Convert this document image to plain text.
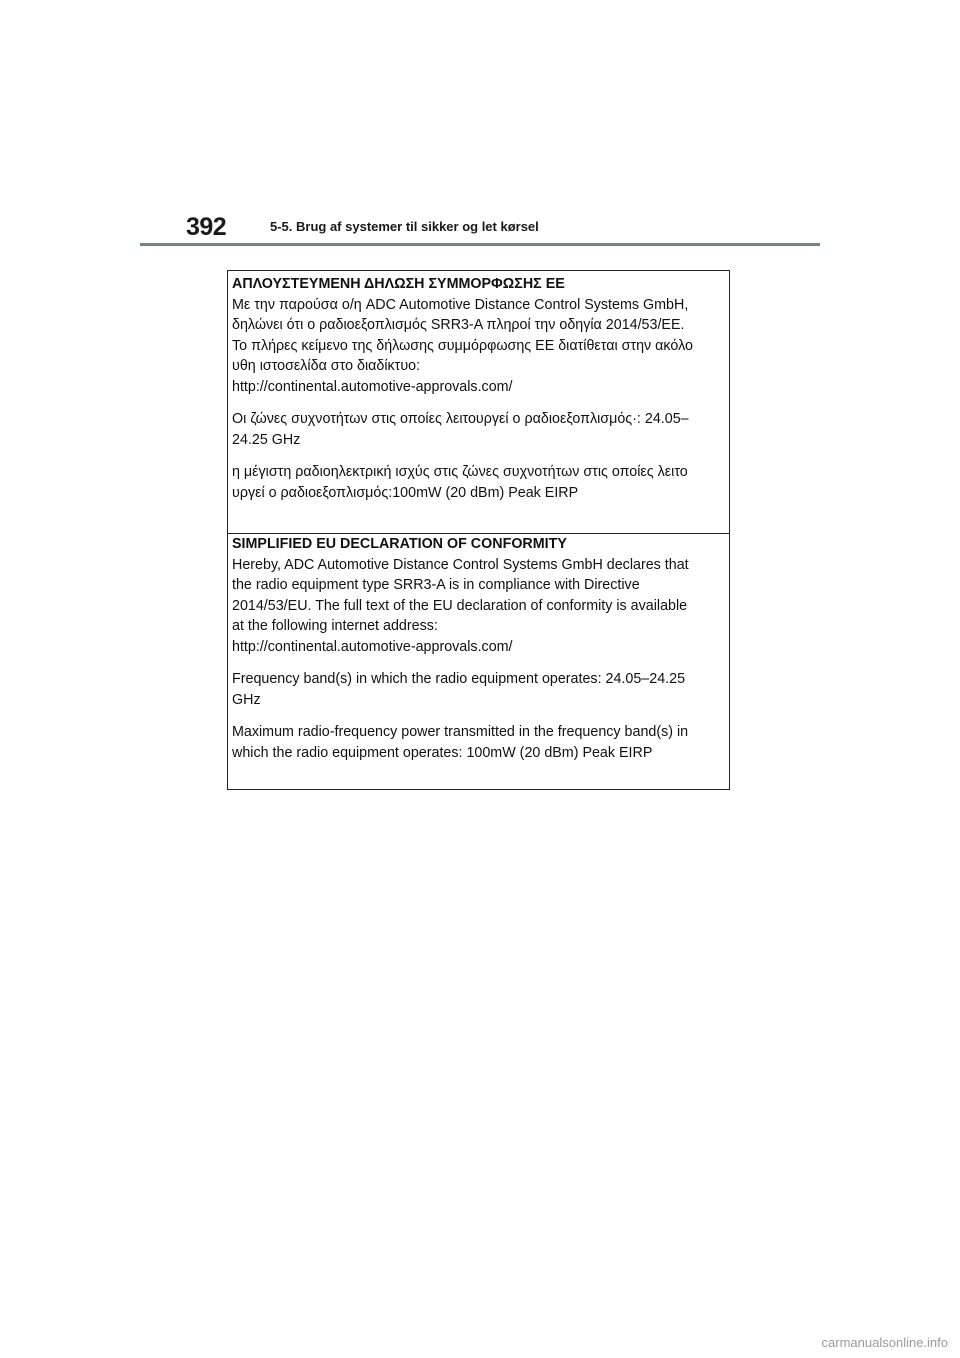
392	5-5. Brug af systemer til sikker og let kørsel
ΑΠΛΟΥΣΤΕΥΜΕΝΗ ΔΗΛΩΣΗ ΣΥΜΜΟΡΦΩΣΗΣ ΕΕ
Με την παρούσα ο/η ADC Automotive Distance Control Systems GmbH,
δηλώνει ότι ο ραδιοεξοπλισμός SRR3-A πληροί την οδηγία 2014/53/ΕΕ.
Το πλήρες κείμενο της δήλωσης συμμόρφωσης ΕΕ διατίθεται στην ακόλο
υθη ιστοσελίδα στο διαδίκτυο:
http://continental.automotive-approvals.com/
Οι ζώνες συχνοτήτων στις οποίες λειτουργεί ο ραδιοεξοπλισμός·: 24.05–
24.25 GHz
η μέγιστη ραδιοηλεκτρική ισχύς στις ζώνες συχνοτήτων στις οποίες λειτο
υργεί ο ραδιοεξοπλισμός:100mW (20 dBm) Peak EIRP
SIMPLIFIED EU DECLARATION OF CONFORMITY
Hereby, ADC Automotive Distance Control Systems GmbH declares that
the radio equipment type SRR3-A is in compliance with Directive
2014/53/EU. The full text of the EU declaration of conformity is available
at the following internet address:
http://continental.automotive-approvals.com/
Frequency band(s) in which the radio equipment operates: 24.05–24.25
GHz
Maximum radio-frequency power transmitted in the frequency band(s) in
which the radio equipment operates: 100mW (20 dBm) Peak EIRP
carmanualsonline.info
